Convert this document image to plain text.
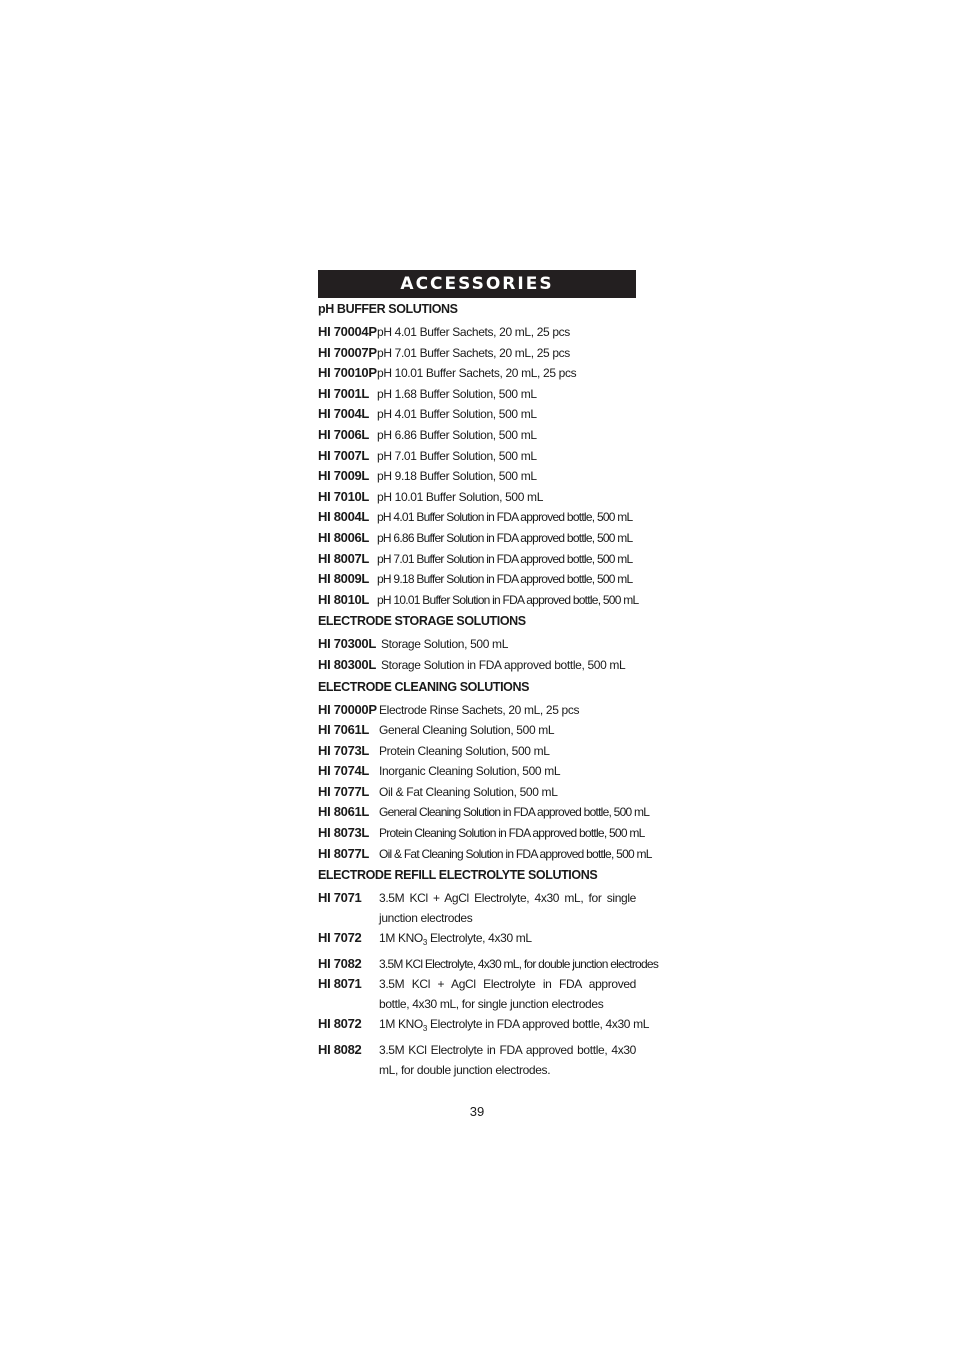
ACCESSORIES
pH BUFFER SOLUTIONS
HI 70004P pH 4.01 Buffer Sachets, 20 mL, 25 pcs
HI 70007P pH 7.01 Buffer Sachets, 20 mL, 25 pcs
HI 70010P pH 10.01 Buffer Sachets, 20 mL, 25 pcs
HI 7001L pH 1.68 Buffer Solution, 500 mL
HI 7004L pH 4.01 Buffer Solution, 500 mL
HI 7006L pH 6.86 Buffer Solution, 500 mL
HI 7007L pH 7.01 Buffer Solution, 500 mL
HI 7009L pH 9.18 Buffer Solution, 500 mL
HI 7010L pH 10.01 Buffer Solution, 500 mL
HI 8004L pH 4.01 Buffer Solution in FDA approved bottle, 500 mL
HI 8006L pH 6.86 Buffer Solution in FDA approved bottle, 500 mL
HI 8007L pH 7.01 Buffer Solution in FDA approved bottle, 500 mL
HI 8009L pH 9.18 Buffer Solution in FDA approved bottle, 500 mL
HI 8010L pH 10.01 Buffer Solution in FDA approved bottle, 500 mL
ELECTRODE STORAGE SOLUTIONS
HI 70300L Storage Solution, 500 mL
HI 80300L Storage Solution in FDA approved bottle, 500 mL
ELECTRODE CLEANING SOLUTIONS
HI 70000P Electrode Rinse Sachets, 20 mL, 25 pcs
HI 7061L General Cleaning Solution, 500 mL
HI 7073L Protein Cleaning Solution, 500 mL
HI 7074L Inorganic Cleaning Solution, 500 mL
HI 7077L Oil & Fat Cleaning Solution, 500 mL
HI 8061L General Cleaning Solution in FDA approved bottle, 500 mL
HI 8073L Protein Cleaning Solution in FDA approved bottle, 500 mL
HI 8077L Oil & Fat Cleaning Solution in FDA approved bottle, 500 mL
ELECTRODE REFILL ELECTROLYTE SOLUTIONS
HI 7071	3.5M KCl + AgCl Electrolyte, 4x30 mL, for single junction electrodes
HI 7072	1M $KNO_3$ Electrolyte, 4x30 mL
HI 7082	3.5M KCl Electrolyte, 4x30 mL, for double junction electrodes
HI 8071	3.5M KCl + AgCl Electrolyte in FDA approved bottle, 4x30 mL, for single junction electrodes
HI 8072	1M $KNO_3$ Electrolyte in FDA approved bottle, 4x30 mL
HI 8082	3.5M KCl Electrolyte in FDA approved bottle, 4x30 mL, for double junction electrodes.
39
